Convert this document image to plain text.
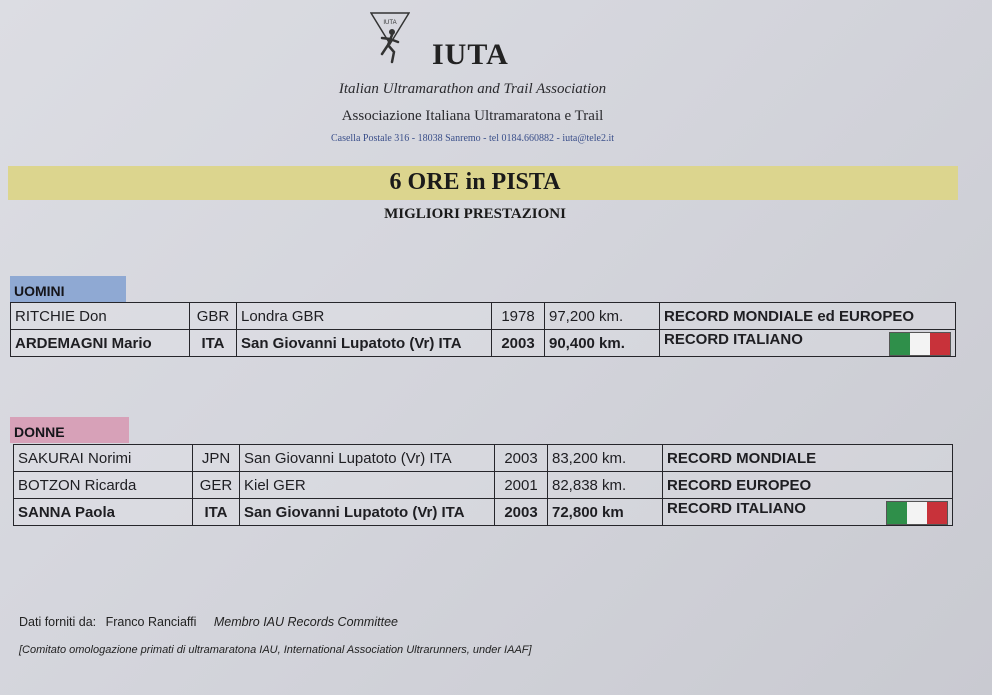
IUTA
IUTA
Italian Ultramarathon and Trail Association
Associazione Italiana Ultramaratona e Trail
Casella Postale 316 - 18038 Sanremo - tel 0184.660882 - iuta@tele2.it
6 ORE in PISTA
MIGLIORI PRESTAZIONI
UOMINI
RITCHIE Don	GBR	Londra GBR	1978	97,200 km.	RECORD MONDIALE ed EUROPEO
ARDEMAGNI Mario	ITA	San Giovanni Lupatoto (Vr) ITA	2003	90,400 km.	RECORD ITALIANO
DONNE
SAKURAI Norimi	JPN	San Giovanni Lupatoto (Vr) ITA	2003	83,200 km.	RECORD MONDIALE
BOTZON Ricarda	GER	Kiel GER	2001	82,838 km.	RECORD EUROPEO
SANNA Paola	ITA	San Giovanni Lupatoto (Vr) ITA	2003	72,800 km	RECORD ITALIANO
Dati forniti da: Franco Ranciaffi Membro IAU Records Committee
[Comitato omologazione primati di ultramaratona IAU, International Association Ultrarunners, under IAAF]
